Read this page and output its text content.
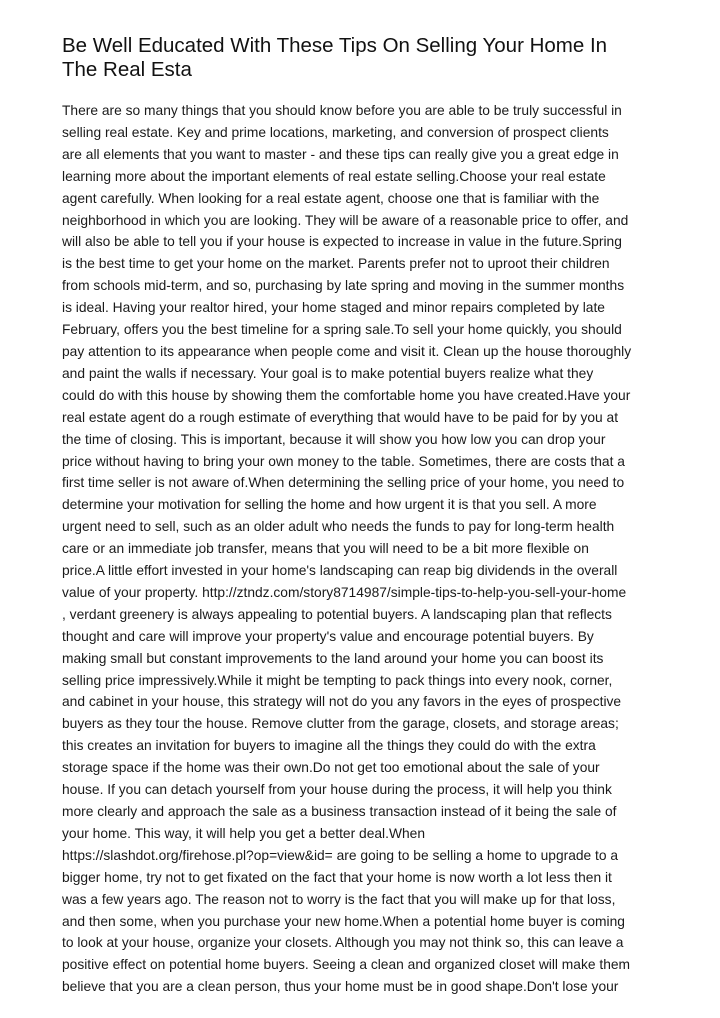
Be Well Educated With These Tips On Selling Your Home In
The Real Esta
There are so many things that you should know before you are able to be truly successful in
selling real estate. Key and prime locations, marketing, and conversion of prospect clients
are all elements that you want to master - and these tips can really give you a great edge in
learning more about the important elements of real estate selling.Choose your real estate
agent carefully. When looking for a real estate agent, choose one that is familiar with the
neighborhood in which you are looking. They will be aware of a reasonable price to offer, and
will also be able to tell you if your house is expected to increase in value in the future.Spring
is the best time to get your home on the market. Parents prefer not to uproot their children
from schools mid-term, and so, purchasing by late spring and moving in the summer months
is ideal. Having your realtor hired, your home staged and minor repairs completed by late
February, offers you the best timeline for a spring sale.To sell your home quickly, you should
pay attention to its appearance when people come and visit it. Clean up the house thoroughly
and paint the walls if necessary. Your goal is to make potential buyers realize what they
could do with this house by showing them the comfortable home you have created.Have your
real estate agent do a rough estimate of everything that would have to be paid for by you at
the time of closing. This is important, because it will show you how low you can drop your
price without having to bring your own money to the table. Sometimes, there are costs that a
first time seller is not aware of.When determining the selling price of your home, you need to
determine your motivation for selling the home and how urgent it is that you sell. A more
urgent need to sell, such as an older adult who needs the funds to pay for long-term health
care or an immediate job transfer, means that you will need to be a bit more flexible on
price.A little effort invested in your home's landscaping can reap big dividends in the overall
value of your property. http://ztndz.com/story8714987/simple-tips-to-help-you-sell-your-home
, verdant greenery is always appealing to potential buyers. A landscaping plan that reflects
thought and care will improve your property's value and encourage potential buyers. By
making small but constant improvements to the land around your home you can boost its
selling price impressively.While it might be tempting to pack things into every nook, corner,
and cabinet in your house, this strategy will not do you any favors in the eyes of prospective
buyers as they tour the house. Remove clutter from the garage, closets, and storage areas;
this creates an invitation for buyers to imagine all the things they could do with the extra
storage space if the home was their own.Do not get too emotional about the sale of your
house. If you can detach yourself from your house during the process, it will help you think
more clearly and approach the sale as a business transaction instead of it being the sale of
your home. This way, it will help you get a better deal.When
https://slashdot.org/firehose.pl?op=view&id= are going to be selling a home to upgrade to a
bigger home, try not to get fixated on the fact that your home is now worth a lot less then it
was a few years ago. The reason not to worry is the fact that you will make up for that loss,
and then some, when you purchase your new home.When a potential home buyer is coming
to look at your house, organize your closets. Although you may not think so, this can leave a
positive effect on potential home buyers. Seeing a clean and organized closet will make them
believe that you are a clean person, thus your home must be in good shape.Don't lose your
